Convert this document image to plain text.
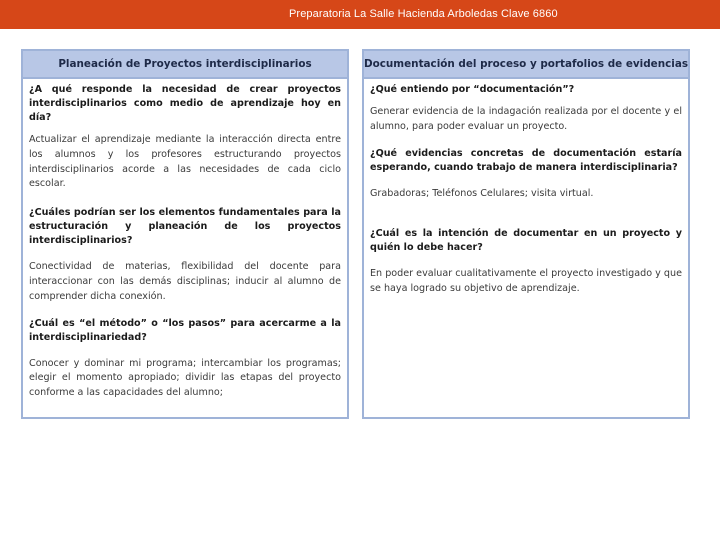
Preparatoria La Salle Hacienda Arboledas Clave 6860
Planeación de Proyectos interdisciplinarios

¿A qué responde la necesidad de crear proyectos interdisciplinarios como medio de aprendizaje hoy en día?

Actualizar el aprendizaje mediante la interacción directa entre los alumnos y los profesores estructurando proyectos interdisciplinarios acorde a las necesidades de cada ciclo escolar.

¿Cuáles podrían ser los elementos fundamentales para la estructuración y planeación de los proyectos interdisciplinarios?

Conectividad de materias, flexibilidad del docente para interaccionar con las demás disciplinas; inducir al alumno de comprender dicha conexión.

¿Cuál es “el método” o “los pasos” para acercarme a la interdisciplinariedad?

Conocer y dominar mi programa; intercambiar los programas; elegir el momento apropiado; dividir las etapas del proyecto conforme a las capacidades del alumno;

Documentación del proceso y portafolios de evidencias

¿Qué entiendo por “documentación”?

Generar evidencia de la indagación realizada por el docente y el alumno, para poder evaluar un proyecto.

¿Qué evidencias concretas de documentación estaría esperando, cuando trabajo de manera interdisciplinaria?

Grabadoras; Teléfonos Celulares; visita virtual.

¿Cuál es la intención de documentar en un proyecto y quién lo debe hacer?

En poder evaluar cualitativamente el proyecto investigado y que se haya logrado su objetivo de aprendizaje.
